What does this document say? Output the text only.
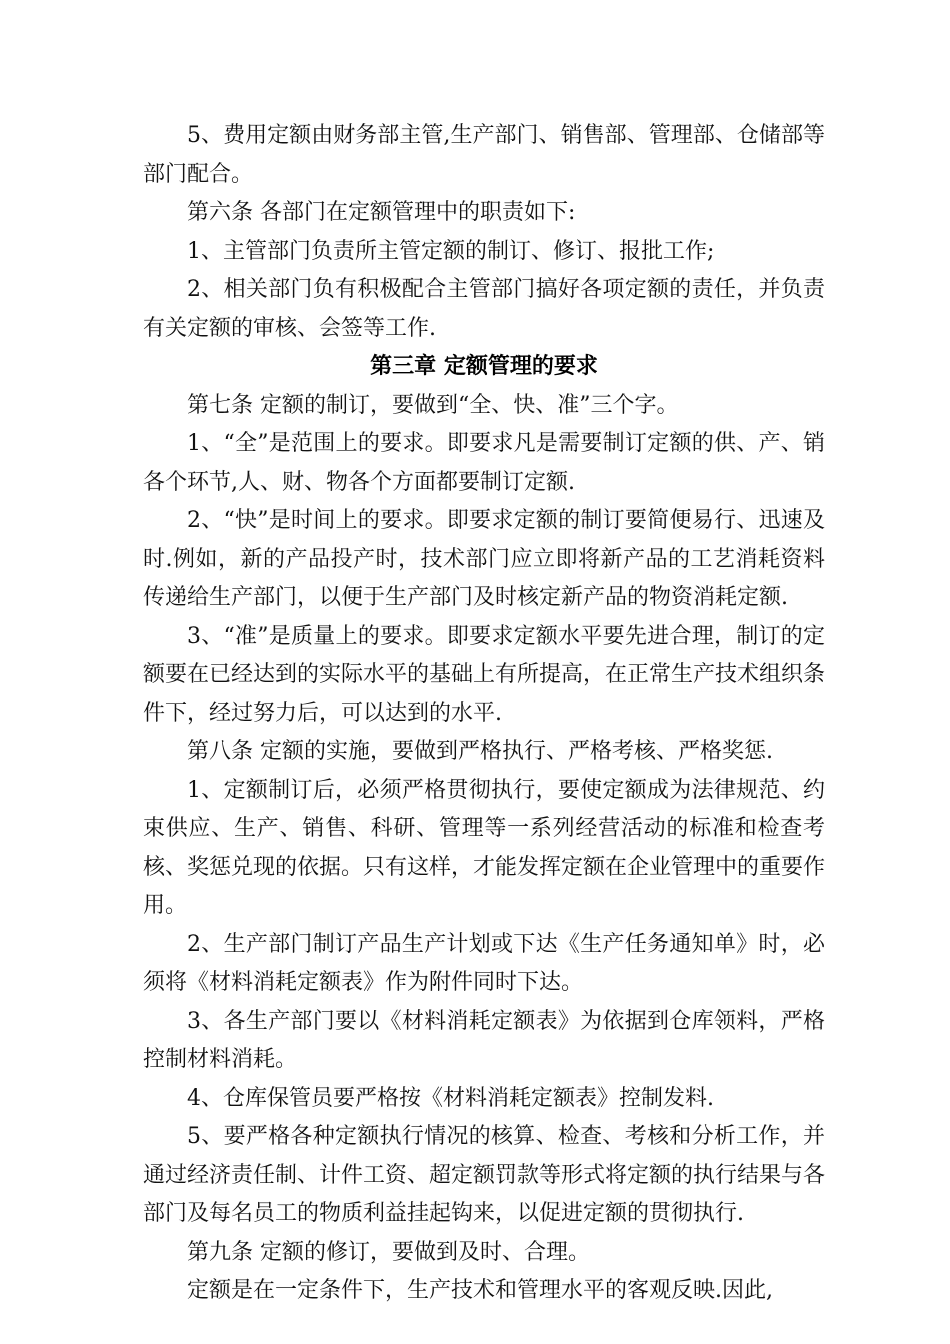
5、费用定额由财务部主管,生产部门、销售部、管理部、仓储部等部门配合。

第六条 各部门在定额管理中的职责如下:

1、主管部门负责所主管定额的制订、修订、报批工作;

2、相关部门负有积极配合主管部门搞好各项定额的责任，并负责有关定额的审核、会签等工作.

第三章 定额管理的要求

第七条 定额的制订，要做到“全、快、准”三个字。

1、“全”是范围上的要求。即要求凡是需要制订定额的供、产、销各个环节,人、财、物各个方面都要制订定额.

2、“快”是时间上的要求。即要求定额的制订要简便易行、迅速及时.例如，新的产品投产时，技术部门应立即将新产品的工艺消耗资料传递给生产部门，以便于生产部门及时核定新产品的物资消耗定额.

3、“准”是质量上的要求。即要求定额水平要先进合理，制订的定额要在已经达到的实际水平的基础上有所提高，在正常生产技术组织条件下，经过努力后，可以达到的水平.

第八条 定额的实施，要做到严格执行、严格考核、严格奖惩.

1、定额制订后，必须严格贯彻执行，要使定额成为法律规范、约束供应、生产、销售、科研、管理等一系列经营活动的标准和检查考核、奖惩兑现的依据。只有这样，才能发挥定额在企业管理中的重要作用。

2、生产部门制订产品生产计划或下达《生产任务通知单》时，必须将《材料消耗定额表》作为附件同时下达。

3、各生产部门要以《材料消耗定额表》为依据到仓库领料，严格控制材料消耗。

4、仓库保管员要严格按《材料消耗定额表》控制发料.

5、要严格各种定额执行情况的核算、检查、考核和分析工作，并通过经济责任制、计件工资、超定额罚款等形式将定额的执行结果与各部门及每名员工的物质利益挂起钩来，以促进定额的贯彻执行.

第九条 定额的修订，要做到及时、合理。

定额是在一定条件下，生产技术和管理水平的客观反映.因此,
